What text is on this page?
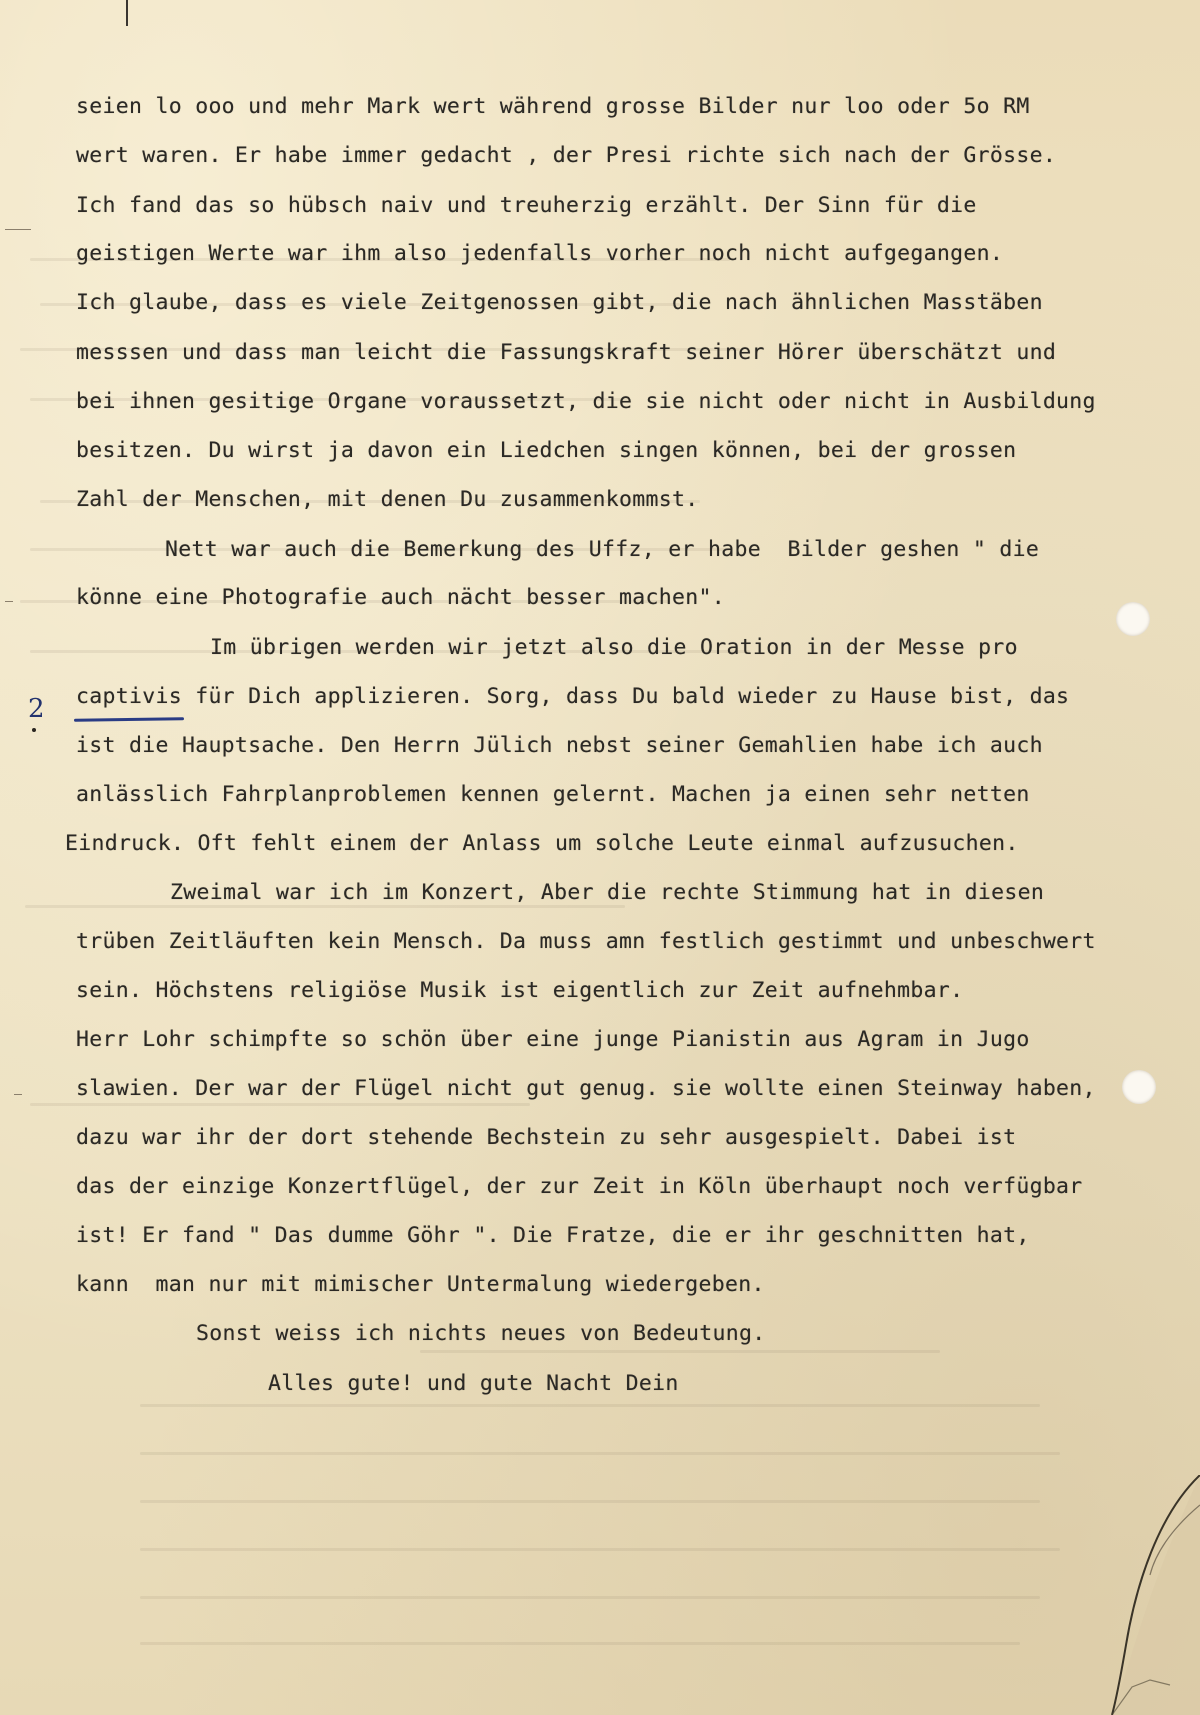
2
seien lo ooo und mehr Mark wert während grosse Bilder nur loo oder 5o RM
wert waren. Er habe immer gedacht , der Presi richte sich nach der Grösse.
Ich fand das so hübsch naiv und treuherzig erzählt. Der Sinn für die
geistigen Werte war ihm also jedenfalls vorher noch nicht aufgegangen.
Ich glaube, dass es viele Zeitgenossen gibt, die nach ähnlichen Masstäben
messsen und dass man leicht die Fassungskraft seiner Hörer überschätzt und
bei ihnen gesitige Organe voraussetzt, die sie nicht oder nicht in Ausbildung
besitzen. Du wirst ja davon ein Liedchen singen können, bei der grossen
Zahl der Menschen, mit denen Du zusammenkommst.
Nett war auch die Bemerkung des Uffz, er habe  Bilder geshen " die
könne eine Photografie auch nächt besser machen".
Im übrigen werden wir jetzt also die Oration in der Messe pro
captivis für Dich applizieren. Sorg, dass Du bald wieder zu Hause bist, das
ist die Hauptsache. Den Herrn Jülich nebst seiner Gemahlien habe ich auch
anlässlich Fahrplanproblemen kennen gelernt. Machen ja einen sehr netten
Eindruck. Oft fehlt einem der Anlass um solche Leute einmal aufzusuchen.
Zweimal war ich im Konzert, Aber die rechte Stimmung hat in diesen
trüben Zeitläuften kein Mensch. Da muss amn festlich gestimmt und unbeschwert
sein. Höchstens religiöse Musik ist eigentlich zur Zeit aufnehmbar.
Herr Lohr schimpfte so schön über eine junge Pianistin aus Agram in Jugo
slawien. Der war der Flügel nicht gut genug. sie wollte einen Steinway haben,
dazu war ihr der dort stehende Bechstein zu sehr ausgespielt. Dabei ist
das der einzige Konzertflügel, der zur Zeit in Köln überhaupt noch verfügbar
ist! Er fand " Das dumme Göhr ". Die Fratze, die er ihr geschnitten hat,
kann  man nur mit mimischer Untermalung wiedergeben.
Sonst weiss ich nichts neues von Bedeutung.
Alles gute! und gute Nacht Dein
